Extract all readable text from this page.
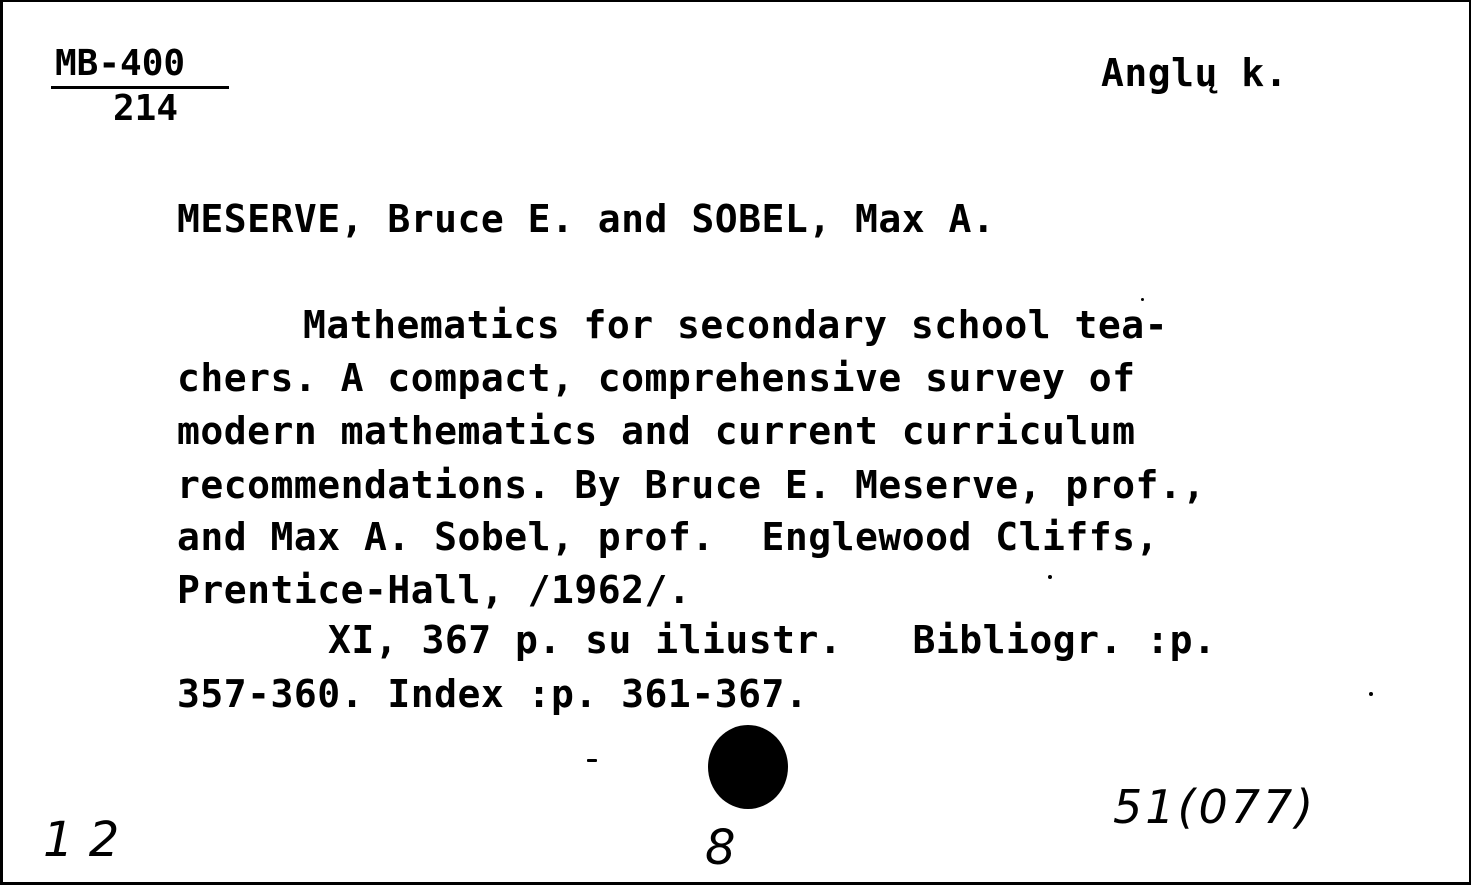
MB-400
214
Anglų k.
MESERVE, Bruce E. and SOBEL, Max A.
Mathematics for secondary school tea-
chers. A compact, comprehensive survey of
modern mathematics and current curriculum
recommendations. By Bruce E. Meserve, prof.,
and Max A. Sobel, prof.  Englewood Cliffs,
Prentice-Hall, /1962/.
XI, 367 p. su iliustr.   Bibliogr. :p.
357-360. Index :p. 361-367.
51(077)
1 2	8
